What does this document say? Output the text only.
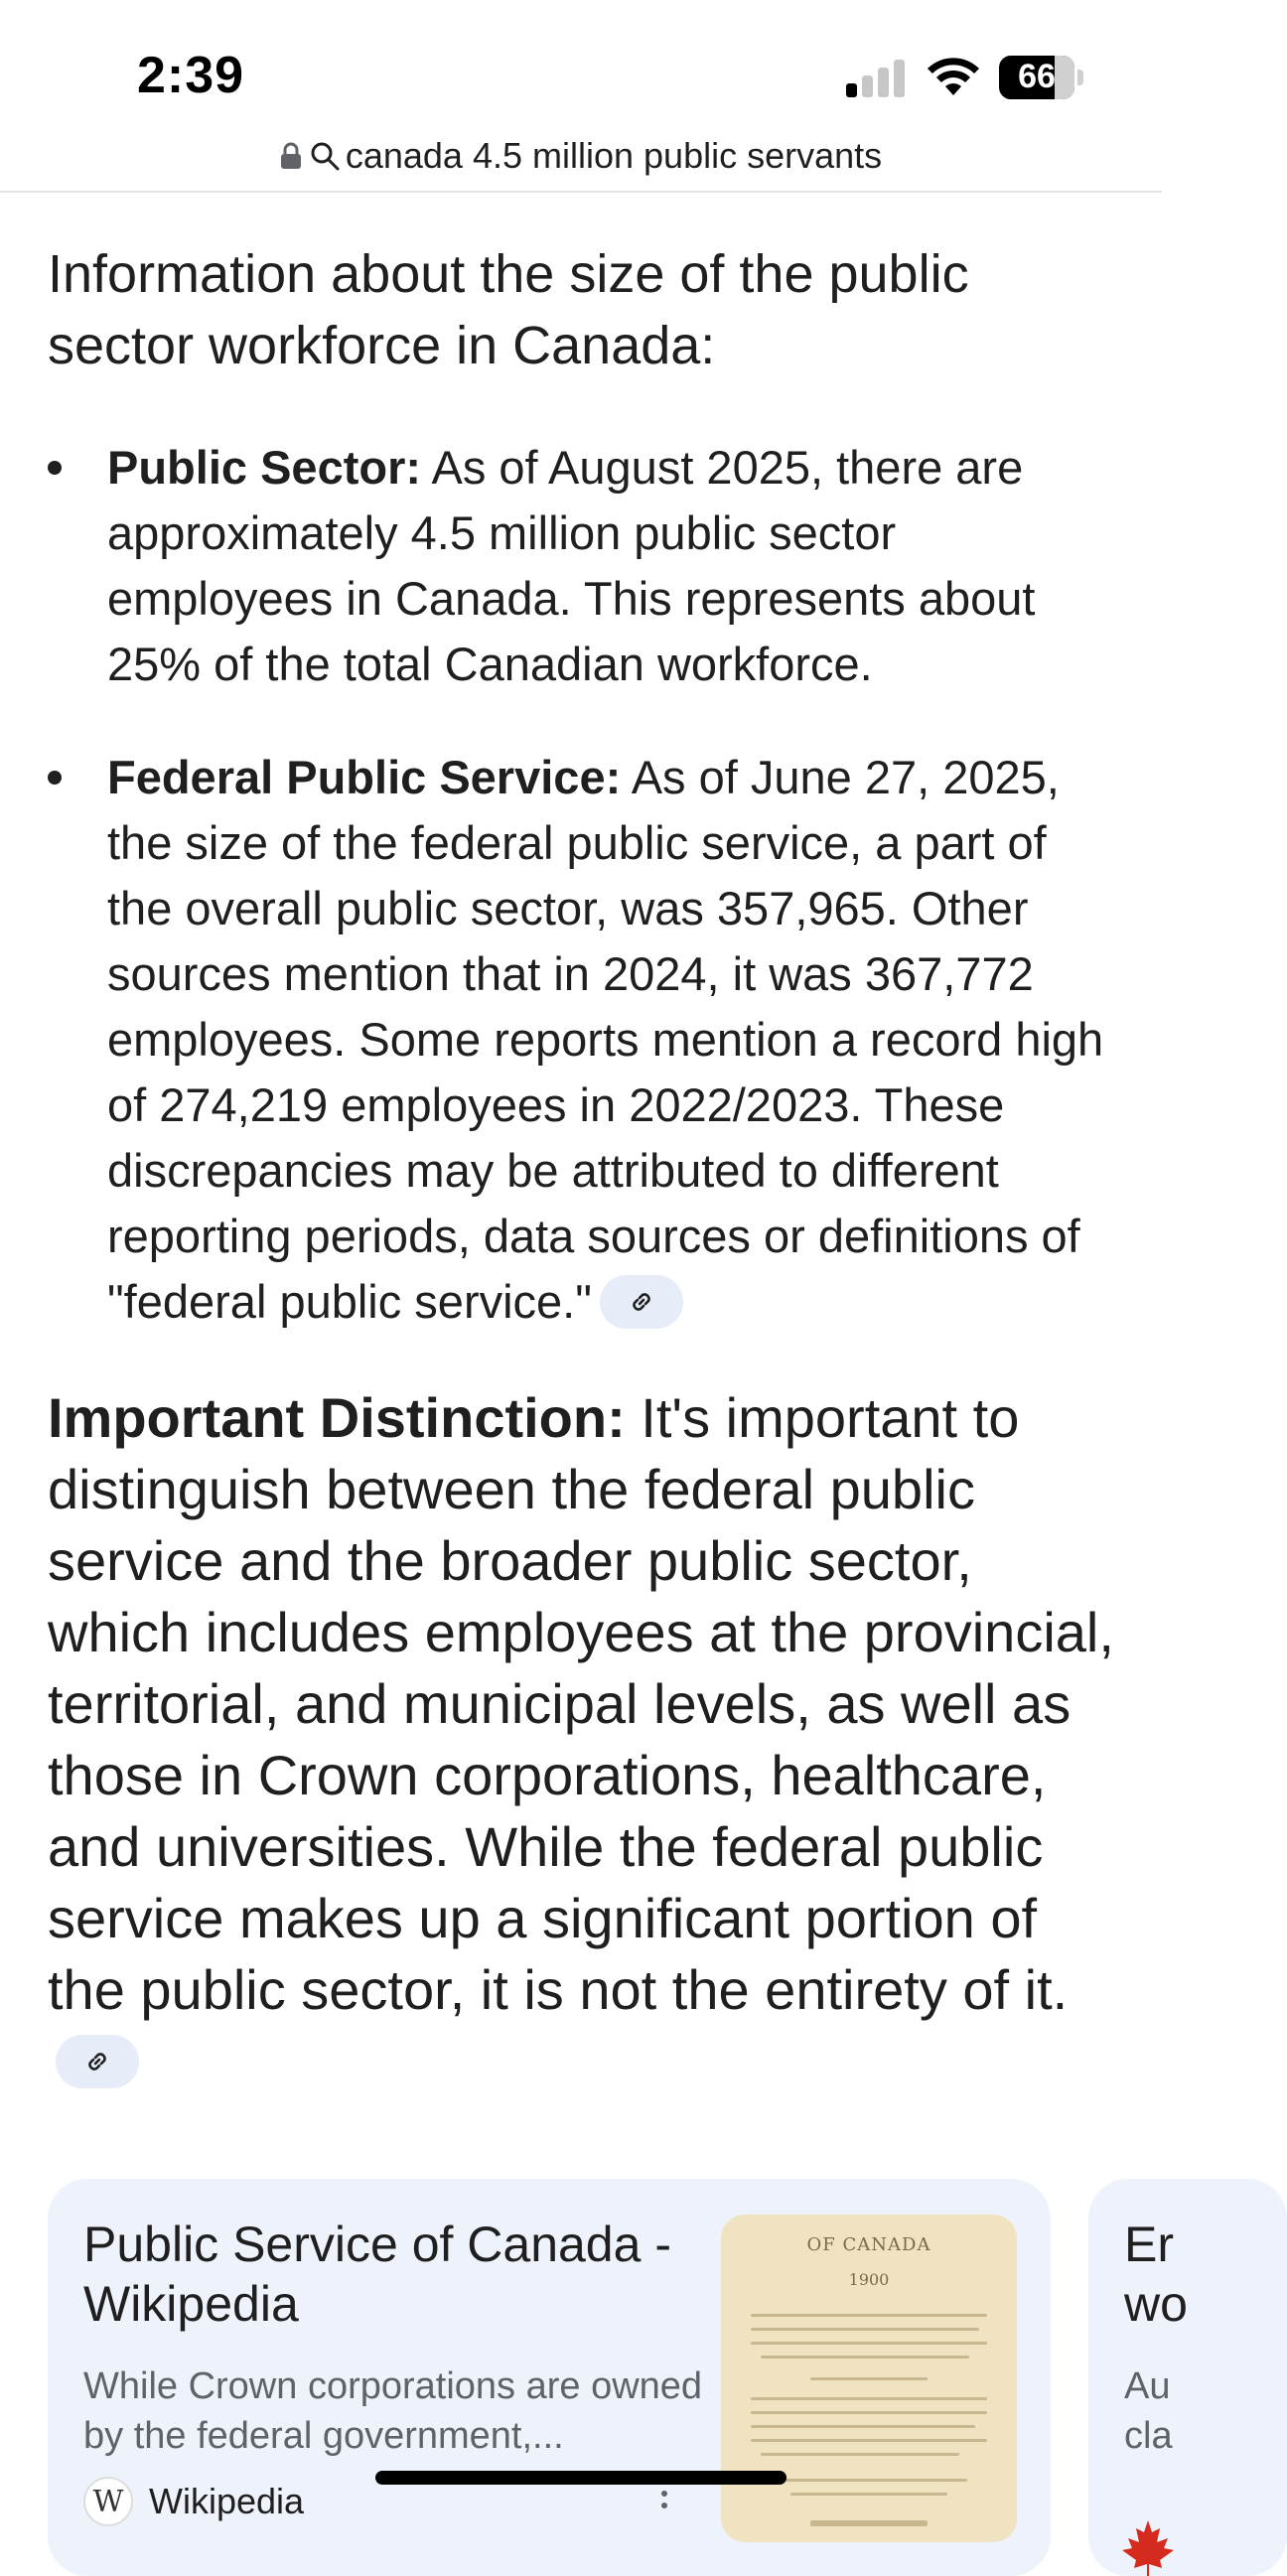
2:39	66
canada 4.5 million public servants

Information about the size of the public sector workforce in Canada:

Public Sector: As of August 2025, there are approximately 4.5 million public sector employees in Canada. This represents about 25% of the total Canadian workforce.
Federal Public Service: As of June 27, 2025, the size of the federal public service, a part of the overall public sector, was 357,965. Other sources mention that in 2024, it was 367,772 employees. Some reports mention a record high of 274,219 employees in 2022/2023. These discrepancies may be attributed to different reporting periods, data sources or definitions of "federal public service."

Important Distinction: It's important to distinguish between the federal public service and the broader public sector, which includes employees at the provincial, territorial, and municipal levels, as well as those in Crown corporations, healthcare, and universities. While the federal public service makes up a significant portion of the public sector, it is not the entirety of it.

Public Service of Canada - Wikipedia
While Crown corporations are owned by the federal government,...
W Wikipedia
OF CANADA
1900
Er
wo
Au
cla
